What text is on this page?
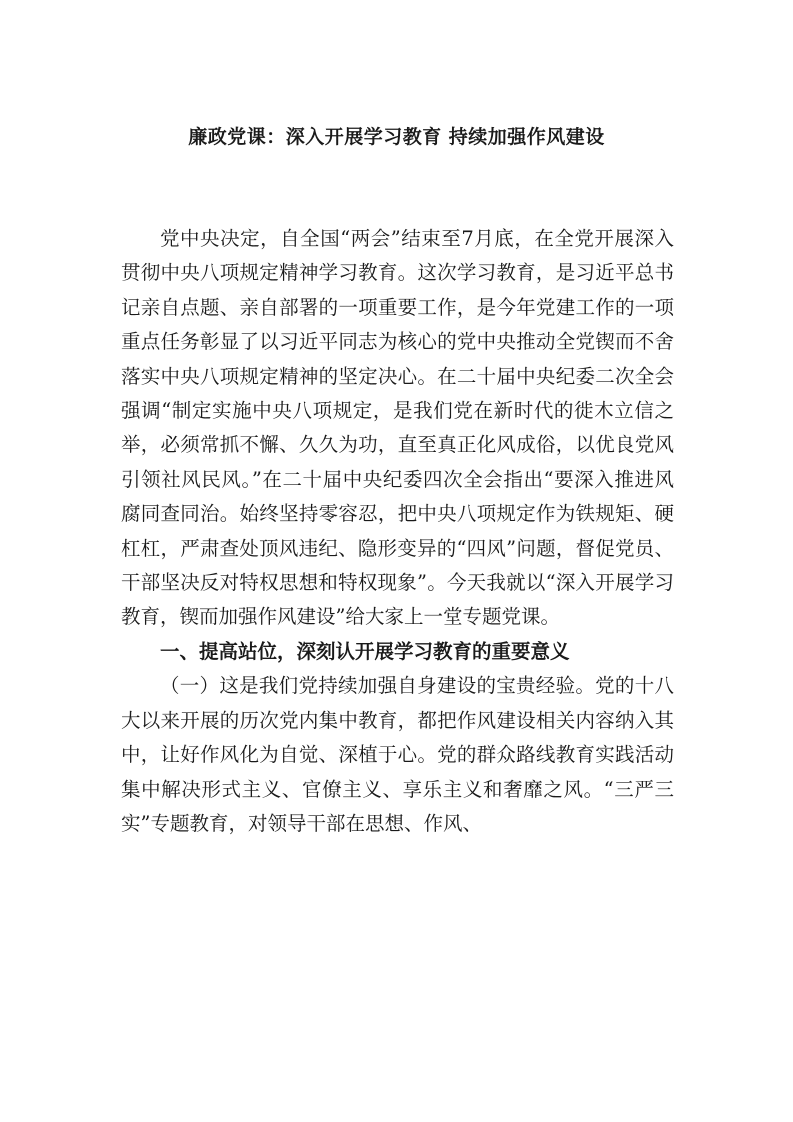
廉政党课：深入开展学习教育 持续加强作风建设

党中央决定，自全国“两会”结束至7月底，在全党开展深入贯彻中央八项规定精神学习教育。这次学习教育，是习近平总书记亲自点题、亲自部署的一项重要工作，是今年党建工作的一项重点任务彰显了以习近平同志为核心的党中央推动全党锲而不舍落实中央八项规定精神的坚定决心。在二十届中央纪委二次全会强调“制定实施中央八项规定，是我们党在新时代的徙木立信之举，必须常抓不懈、久久为功，直至真正化风成俗，以优良党风引领社风民风。”在二十届中央纪委四次全会指出“要深入推进风腐同查同治。始终坚持零容忍，把中央八项规定作为铁规矩、硬杠杠，严肃查处顶风违纪、隐形变异的“四风”问题，督促党员、干部坚决反对特权思想和特权现象”。今天我就以“深入开展学习教育，锲而加强作风建设”给大家上一堂专题党课。

一、提高站位，深刻认开展学习教育的重要意义

（一）这是我们党持续加强自身建设的宝贵经验。党的十八大以来开展的历次党内集中教育，都把作风建设相关内容纳入其中，让好作风化为自觉、深植于心。党的群众路线教育实践活动集中解决形式主义、官僚主义、享乐主义和奢靡之风。“三严三实”专题教育，对领导干部在思想、作风、
